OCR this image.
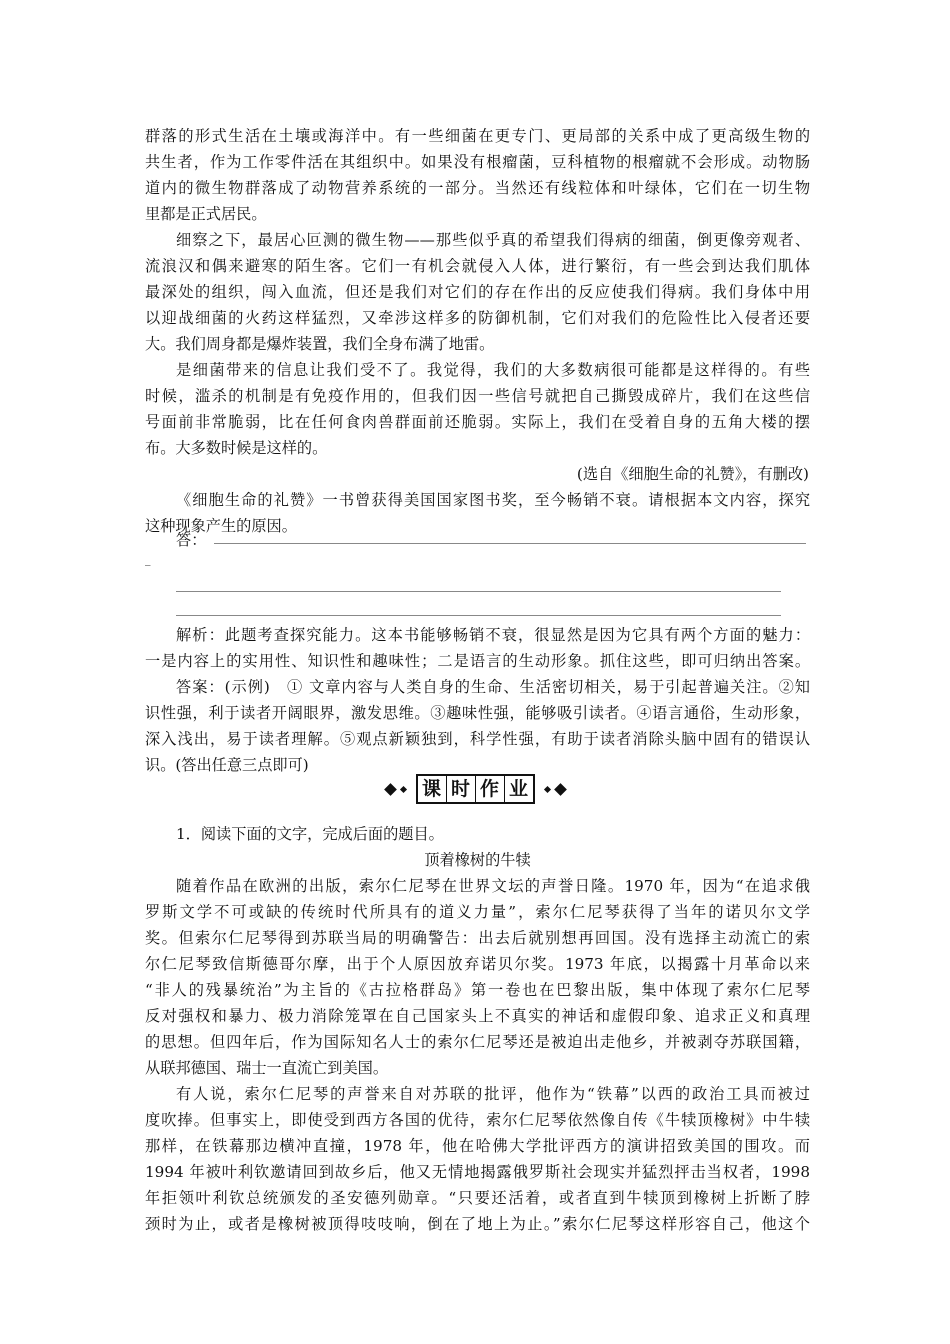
群落的形式生活在土壤或海洋中。有一些细菌在更专门、更局部的关系中成了更高级生物的
共生者，作为工作零件活在其组织中。如果没有根瘤菌，豆科植物的根瘤就不会形成。动物肠
道内的微生物群落成了动物营养系统的一部分。当然还有线粒体和叶绿体，它们在一切生物
里都是正式居民。
细察之下，最居心叵测的微生物——那些似乎真的希望我们得病的细菌，倒更像旁观者、
流浪汉和偶来避寒的陌生客。它们一有机会就侵入人体，进行繁衍，有一些会到达我们肌体
最深处的组织，闯入血流，但还是我们对它们的存在作出的反应使我们得病。我们身体中用
以迎战细菌的火药这样猛烈，又牵涉这样多的防御机制，它们对我们的危险性比入侵者还要
大。我们周身都是爆炸装置，我们全身布满了地雷。
是细菌带来的信息让我们受不了。我觉得，我们的大多数病很可能都是这样得的。有些
时候，滥杀的机制是有免疫作用的，但我们因一些信号就把自己撕毁成碎片，我们在这些信
号面前非常脆弱，比在任何食肉兽群面前还脆弱。实际上，我们在受着自身的五角大楼的摆
布。大多数时候是这样的。
(选自《细胞生命的礼赞》，有删改)
《细胞生命的礼赞》一书曾获得美国国家图书奖，至今畅销不衰。请根据本文内容，探究
这种现象产生的原因。
答：
_
解析：此题考查探究能力。这本书能够畅销不衰，很显然是因为它具有两个方面的魅力：
一是内容上的实用性、知识性和趣味性；二是语言的生动形象。抓住这些，即可归纳出答案。
答案：(示例)　① 文章内容与人类自身的生命、生活密切相关，易于引起普遍关注。②知
识性强，利于读者开阔眼界，激发思维。③趣味性强，能够吸引读者。④语言通俗，生动形象，
深入浅出，易于读者理解。⑤观点新颖独到，科学性强，有助于读者消除头脑中固有的错误认
识。(答出任意三点即可)
课 时 作 业
1．阅读下面的文字，完成后面的题目。
顶着橡树的牛犊
随着作品在欧洲的出版，索尔仁尼琴在世界文坛的声誉日隆。1970 年，因为“在追求俄
罗斯文学不可或缺的传统时代所具有的道义力量”，索尔仁尼琴获得了当年的诺贝尔文学
奖。但索尔仁尼琴得到苏联当局的明确警告：出去后就别想再回国。没有选择主动流亡的索
尔仁尼琴致信斯德哥尔摩，出于个人原因放弃诺贝尔奖。1973 年底，以揭露十月革命以来
“非人的残暴统治”为主旨的《古拉格群岛》第一卷也在巴黎出版，集中体现了索尔仁尼琴
反对强权和暴力、极力消除笼罩在自己国家头上不真实的神话和虚假印象、追求正义和真理
的思想。但四年后，作为国际知名人士的索尔仁尼琴还是被迫出走他乡，并被剥夺苏联国籍，
从联邦德国、瑞士一直流亡到美国。
有人说，索尔仁尼琴的声誉来自对苏联的批评，他作为“铁幕”以西的政治工具而被过
度吹捧。但事实上，即使受到西方各国的优待，索尔仁尼琴依然像自传《牛犊顶橡树》中牛犊
那样，在铁幕那边横冲直撞，1978 年，他在哈佛大学批评西方的演讲招致美国的围攻。而
1994 年被叶利钦邀请回到故乡后，他又无情地揭露俄罗斯社会现实并猛烈抨击当权者，1998
年拒领叶利钦总统颁发的圣安德列勋章。“只要还活着，或者直到牛犊顶到橡树上折断了脖
颈时为止，或者是橡树被顶得吱吱响，倒在了地上为止。”索尔仁尼琴这样形容自己，他这个
